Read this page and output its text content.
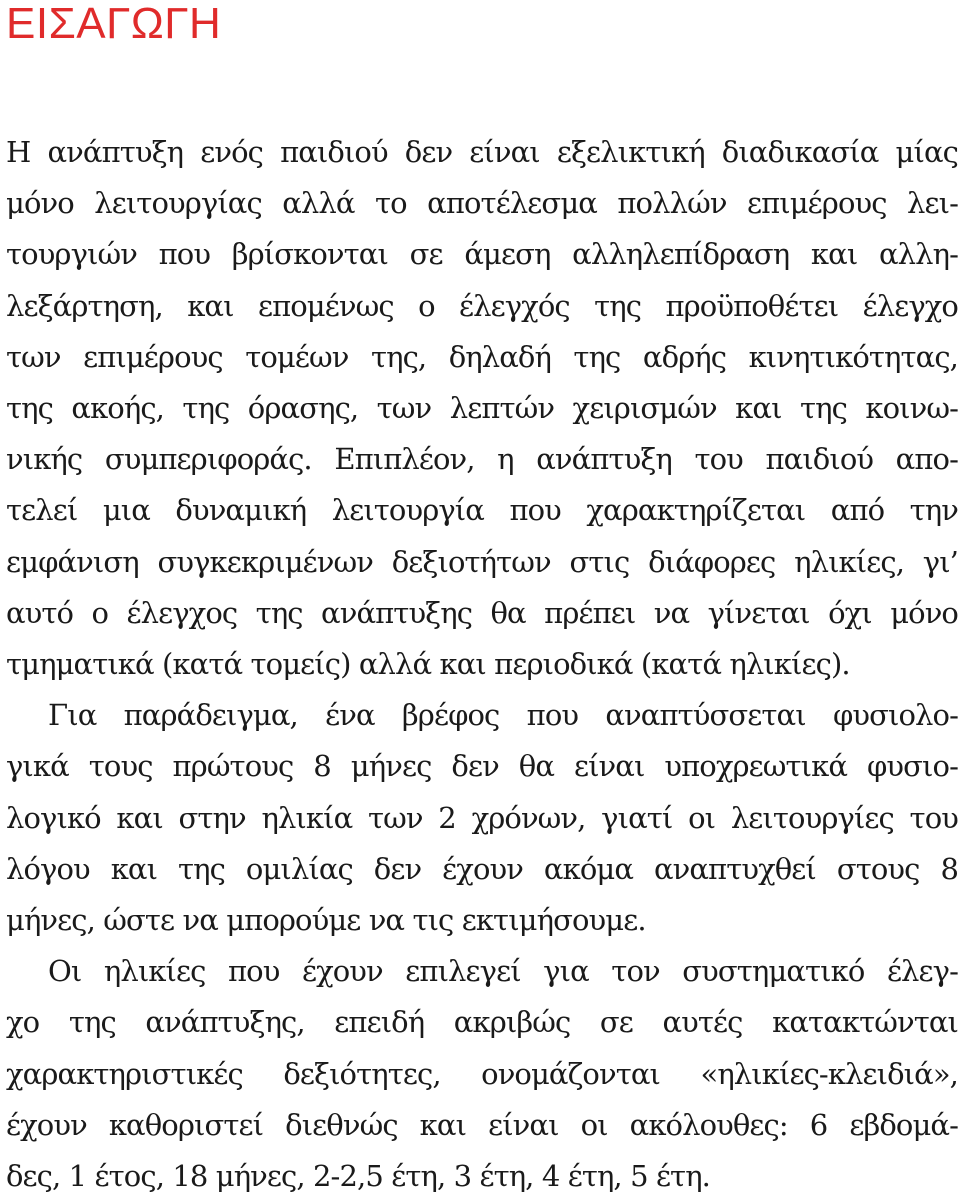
ΕΙΣΑΓΩΓΗ
Η ανάπτυξη ενός παιδιού δεν είναι εξελικτική διαδικασία μίας
μόνο λειτουργίας αλλά το αποτέλεσμα πολλών επιμέρους λει-
τουργιών που βρίσκονται σε άμεση αλληλεπίδραση και αλλη-
λεξάρτηση, και επομένως ο έλεγχός της προϋποθέτει έλεγχο
των επιμέρους τομέων της, δηλαδή της αδρής κινητικότητας,
της ακοής, της όρασης, των λεπτών χειρισμών και της κοινω-
νικής συμπεριφοράς. Επιπλέον, η ανάπτυξη του παιδιού απο-
τελεί μια δυναμική λειτουργία που χαρακτηρίζεται από την
εμφάνιση συγκεκριμένων δεξιοτήτων στις διάφορες ηλικίες, γι’
αυτό ο έλεγχος της ανάπτυξης θα πρέπει να γίνεται όχι μόνο
τμηματικά (κατά τομείς) αλλά και περιοδικά (κατά ηλικίες).
Για παράδειγμα, ένα βρέφος που αναπτύσσεται φυσιολο-
γικά τους πρώτους 8 μήνες δεν θα είναι υποχρεωτικά φυσιο-
λογικό και στην ηλικία των 2 χρόνων, γιατί οι λειτουργίες του
λόγου και της ομιλίας δεν έχουν ακόμα αναπτυχθεί στους 8
μήνες, ώστε να μπορούμε να τις εκτιμήσουμε.
Οι ηλικίες που έχουν επιλεγεί για τον συστηματικό έλεγ-
χο της ανάπτυξης, επειδή ακριβώς σε αυτές κατακτώνται
χαρακτηριστικές δεξιότητες, ονομάζονται «ηλικίες-κλειδιά»,
έχουν καθοριστεί διεθνώς και είναι οι ακόλουθες: 6 εβδομά-
δες, 1 έτος, 18 μήνες, 2-2,5 έτη, 3 έτη, 4 έτη, 5 έτη.
